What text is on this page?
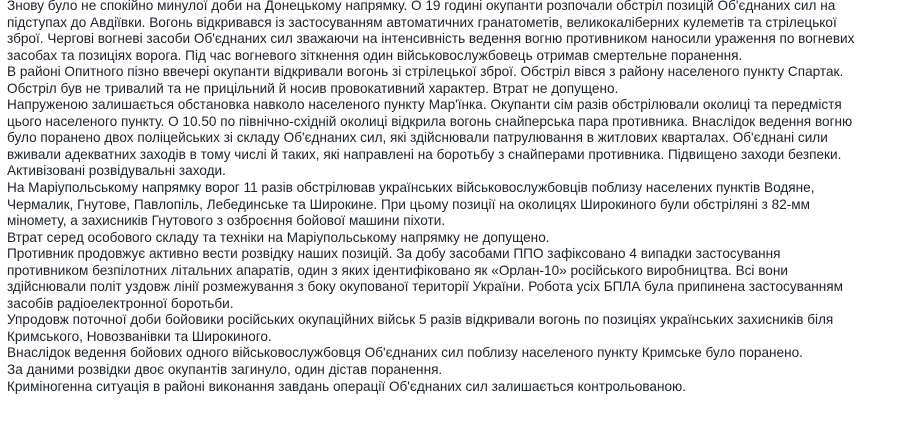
Знову було не спокійно минулої доби на Донецькому напрямку. О 19 годині окупанти розпочали обстріл позицій Об'єднаних сил на
підступах до Авдіївки. Вогонь відкривався із застосуванням автоматичних гранатометів, великокаліберних кулеметів та стрілецької
зброї. Чергові вогневі засоби Об'єднаних сил зважаючи на інтенсивність ведення вогню противником наносили ураження по вогневих
засобах та позиціях ворога. Під час вогневого зіткнення один військовослужбовець отримав смертельне поранення.

В районі Опитного пізно ввечері окупанти відкривали вогонь зі стрілецької зброї. Обстріл вівся з району населеного пункту Спартак.
Обстріл був не тривалий та не прицільний й носив провокативний характер. Втрат не допущено.

Напруженою залишається обстановка навколо населеного пункту Мар'їнка. Окупанти сім разів обстрілювали околиці та передмістя
цього населеного пункту. О 10.50 по північно-східній околиці відкрила вогонь снайперська пара противника. Внаслідок ведення вогню
було поранено двох поліцейських зі складу Об'єднаних сил, які здійснювали патрулювання в житлових кварталах. Об'єднані сили
вживали адекватних заходів в тому числі й таких, які направлені на боротьбу з снайперами противника. Підвищено заходи безпеки.
Активізовані розвідувальні заходи.

На Маріупольському напрямку ворог 11 разів обстрілював українських військовослужбовців поблизу населених пунктів Водяне,
Чермалик, Гнутове, Павлопіль, Лебединське та Широкине. При цьому позиції на околицях Широкиного були обстріляні з 82-мм
міномету, а захисників Гнутового з озброєння бойової машини піхоти.

Втрат серед особового складу та техніки на Маріупольському напрямку не допущено.

Противник продовжує активно вести розвідку наших позицій. За добу засобами ППО зафіксовано 4 випадки застосування
противником безпілотних літальних апаратів, один з яких ідентифіковано як «Орлан-10» російського виробництва. Всі вони
здійснювали політ уздовж лінії розмежування з боку окупованої території України. Робота усіх БПЛА була припинена застосуванням
засобів радіоелектронної боротьби.

Упродовж поточної доби бойовики російських окупаційних військ 5 разів відкривали вогонь по позиціях українських захисників біля
Кримського, Новозванівки та Широкиного.

Внаслідок ведення бойових одного військовослужбовця Об'єднаних сил поблизу населеного пункту Кримське було поранено.

За даними розвідки двоє окупантів загинуло, один дістав поранення.

Криміногенна ситуація в районі виконання завдань операції Об'єднаних сил залишається контрольованою.
